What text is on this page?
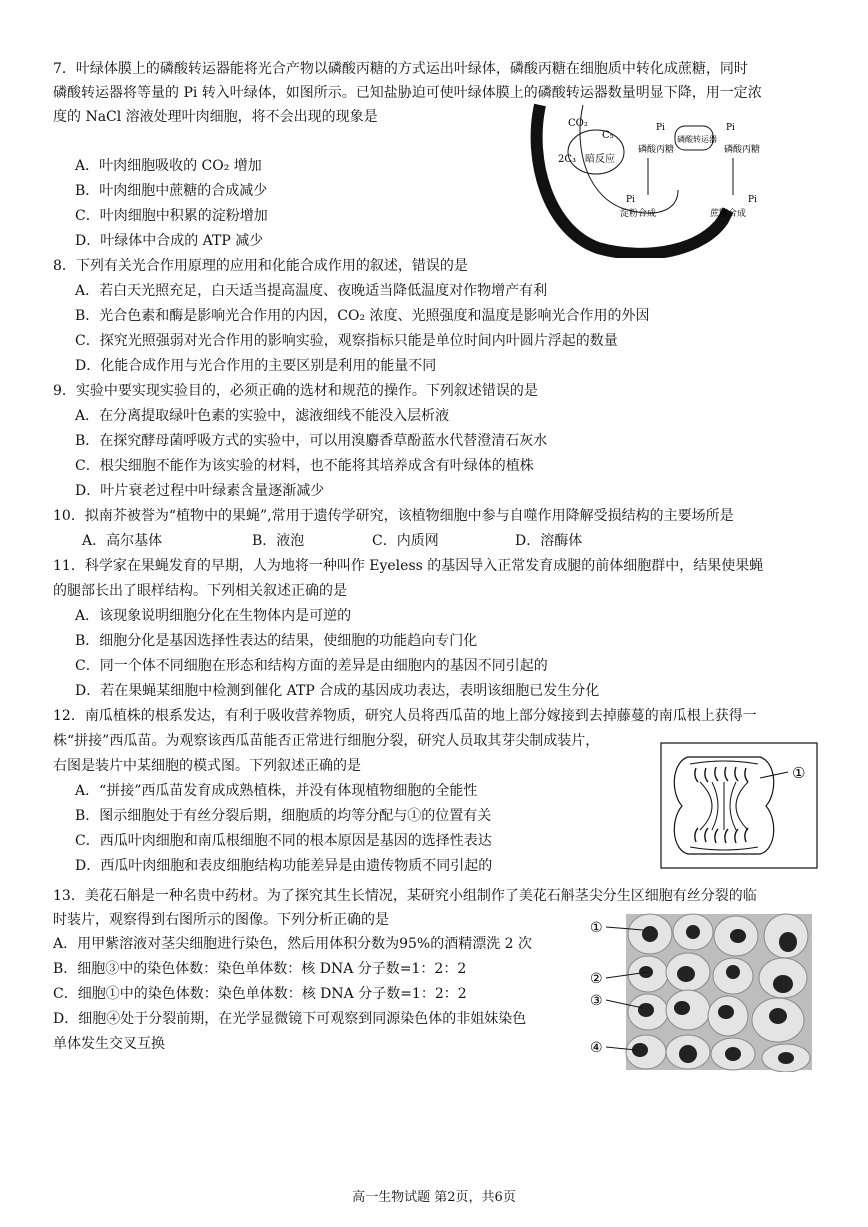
7．叶绿体膜上的磷酸转运器能将光合产物以磷酸丙糖的方式运出叶绿体，磷酸丙糖在细胞质中转化成蔗糖，同时
磷酸转运器将等量的 Pi 转入叶绿体，如图所示。已知盐胁迫可使叶绿体膜上的磷酸转运器数量明显下降，用一定浓
度的 NaCl 溶液处理叶肉细胞，将不会出现的现象是
A．叶肉细胞吸收的 CO₂ 增加
B．叶肉细胞中蔗糖的合成减少
C．叶肉细胞中积累的淀粉增加
D．叶绿体中合成的 ATP 减少
CO₂
C₅
2C₃ 暗反应
磷酸丙糖
Pi
淀粉合成
Pi
磷酸转运器
Pi
磷酸丙糖
蔗糖合成
Pi
8．下列有关光合作用原理的应用和化能合成作用的叙述，错误的是
A．若白天光照充足，白天适当提高温度、夜晚适当降低温度对作物增产有利
B．光合色素和酶是影响光合作用的内因，CO₂ 浓度、光照强度和温度是影响光合作用的外因
C．探究光照强弱对光合作用的影响实验，观察指标只能是单位时间内叶圆片浮起的数量
D．化能合成作用与光合作用的主要区别是利用的能量不同
9．实验中要实现实验目的，必须正确的选材和规范的操作。下列叙述错误的是
A．在分离提取绿叶色素的实验中，滤液细线不能没入层析液
B．在探究酵母菌呼吸方式的实验中，可以用溴麝香草酚蓝水代替澄清石灰水
C．根尖细胞不能作为该实验的材料，也不能将其培养成含有叶绿体的植株
D．叶片衰老过程中叶绿素含量逐渐减少
10．拟南芥被誉为“植物中的果蝇”,常用于遗传学研究，该植物细胞中参与自噬作用降解受损结构的主要场所是
A．高尔基体	B．液泡	C．内质网	D．溶酶体
11．科学家在果蝇发育的早期，人为地将一种叫作 Eyeless 的基因导入正常发育成腿的前体细胞群中，结果使果蝇
的腿部长出了眼样结构。下列相关叙述正确的是
A．该现象说明细胞分化在生物体内是可逆的
B．细胞分化是基因选择性表达的结果，使细胞的功能趋向专门化
C．同一个体不同细胞在形态和结构方面的差异是由细胞内的基因不同引起的
D．若在果蝇某细胞中检测到催化 ATP 合成的基因成功表达，表明该细胞已发生分化
12．南瓜植株的根系发达，有利于吸收营养物质，研究人员将西瓜苗的地上部分嫁接到去掉藤蔓的南瓜根上获得一
株“拼接”西瓜苗。为观察该西瓜苗能否正常进行细胞分裂，研究人员取其芽尖制成装片，
右图是装片中某细胞的模式图。下列叙述正确的是
A．“拼接”西瓜苗发育成成熟植株，并没有体现植物细胞的全能性
B．图示细胞处于有丝分裂后期，细胞质的均等分配与①的位置有关
C．西瓜叶肉细胞和南瓜根细胞不同的根本原因是基因的选择性表达
D．西瓜叶肉细胞和表皮细胞结构功能差异是由遗传物质不同引起的
①
13．美花石斛是一种名贵中药材。为了探究其生长情况，某研究小组制作了美花石斛茎尖分生区细胞有丝分裂的临
时装片，观察得到右图所示的图像。下列分析正确的是
A．用甲紫溶液对茎尖细胞进行染色，然后用体积分数为95%的酒精漂洗 2 次
B．细胞③中的染色体数：染色单体数：核 DNA 分子数=1：2：2
C．细胞①中的染色体数：染色单体数：核 DNA 分子数=1：2：2
D．细胞④处于分裂前期，在光学显微镜下可观察到同源染色体的非姐妹染色
单体发生交叉互换
①
②
③
④
高一生物试题 第2页，共6页
